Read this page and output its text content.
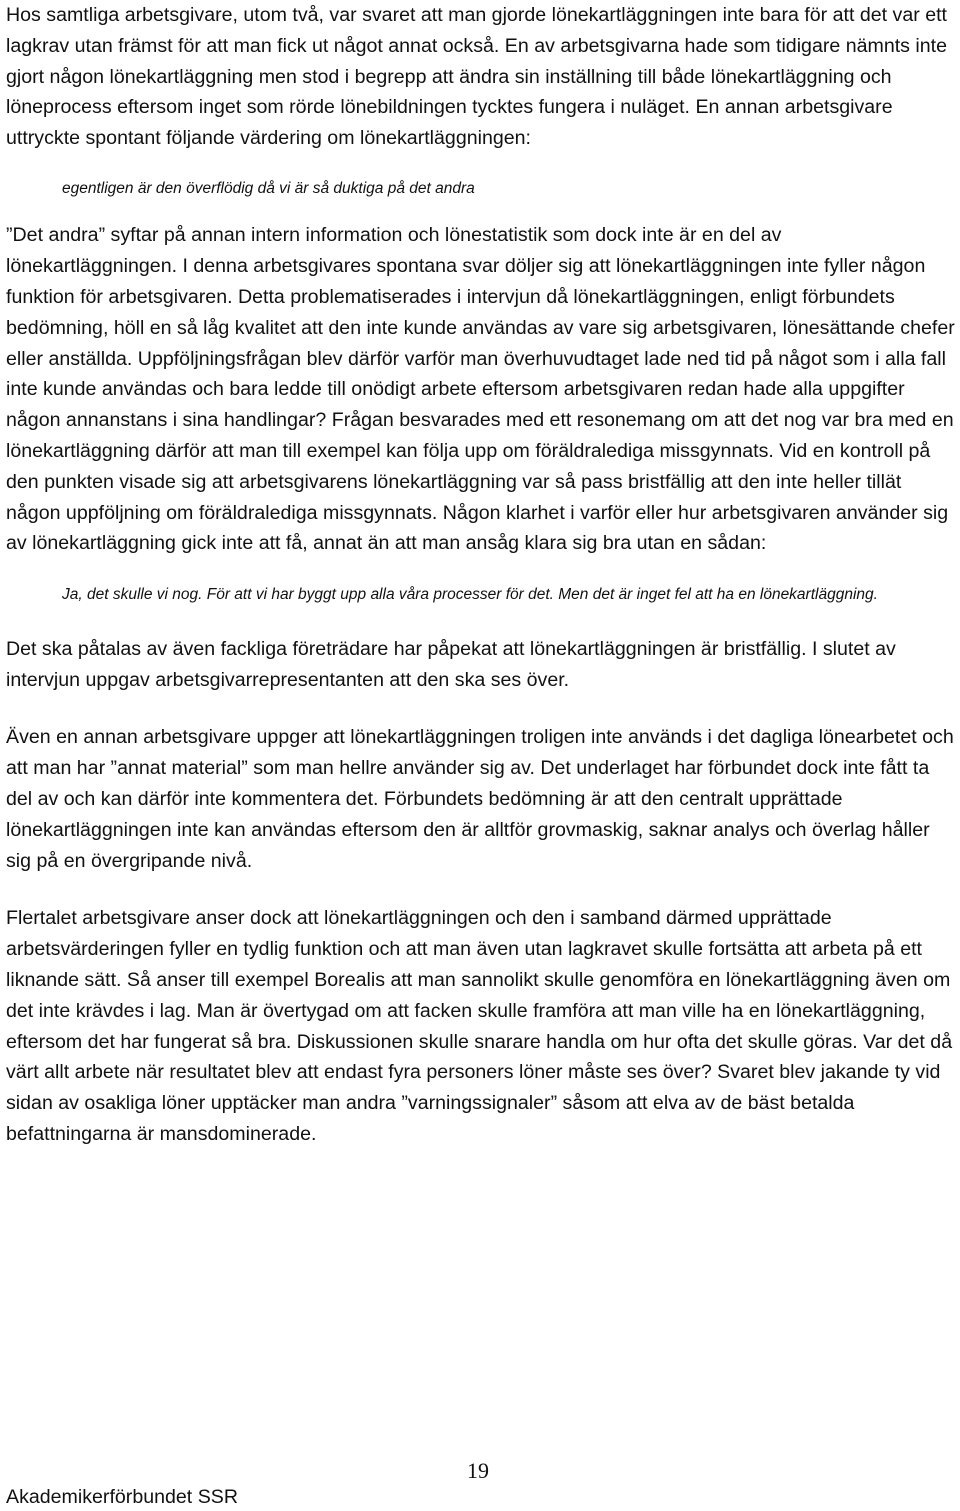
Hos samtliga arbetsgivare, utom två, var svaret att man gjorde lönekartläggningen inte bara för att det var ett lagkrav utan främst för att man fick ut något annat också. En av arbetsgivarna hade som tidigare nämnts inte gjort någon lönekartläggning men stod i begrepp att ändra sin inställning till både lönekartläggning och löneprocess eftersom inget som rörde lönebildningen tycktes fungera i nuläget. En annan arbetsgivare uttryckte spontant följande värdering om lönekartläggningen:

egentligen är den överflödig då vi är så duktiga på det andra

”Det andra” syftar på annan intern information och lönestatistik som dock inte är en del av lönekartläggningen. I denna arbetsgivares spontana svar döljer sig att lönekartläggningen inte fyller någon funktion för arbetsgivaren. Detta problematiserades i intervjun då lönekartläggningen, enligt förbundets bedömning, höll en så låg kvalitet att den inte kunde användas av vare sig arbetsgivaren, lönesättande chefer eller anställda. Uppföljningsfrågan blev därför varför man överhuvudtaget lade ned tid på något som i alla fall inte kunde användas och bara ledde till onödigt arbete eftersom arbetsgivaren redan hade alla uppgifter någon annanstans i sina handlingar? Frågan besvarades med ett resonemang om att det nog var bra med en lönekartläggning därför att man till exempel kan följa upp om föräldralediga missgynnats. Vid en kontroll på den punkten visade sig att arbetsgivarens lönekartläggning var så pass bristfällig att den inte heller tillät någon uppföljning om föräldralediga missgynnats. Någon klarhet i varför eller hur arbetsgivaren använder sig av lönekartläggning gick inte att få, annat än att man ansåg klara sig bra utan en sådan:

Ja, det skulle vi nog. För att vi har byggt upp alla våra processer för det. Men det är inget fel att ha en lönekartläggning.

Det ska påtalas av även fackliga företrädare har påpekat att lönekartläggningen är bristfällig. I slutet av intervjun uppgav arbetsgivarrepresentanten att den ska ses över.

Även en annan arbetsgivare uppger att lönekartläggningen troligen inte används i det dagliga lönearbetet och att man har ”annat material” som man hellre använder sig av. Det underlaget har förbundet dock inte fått ta del av och kan därför inte kommentera det. Förbundets bedömning är att den centralt upprättade lönekartläggningen inte kan användas eftersom den är alltför grovmaskig, saknar analys och överlag håller sig på en övergripande nivå.

Flertalet arbetsgivare anser dock att lönekartläggningen och den i samband därmed upprättade arbetsvärderingen fyller en tydlig funktion och att man även utan lagkravet skulle fortsätta att arbeta på ett liknande sätt. Så anser till exempel Borealis att man sannolikt skulle genomföra en lönekartläggning även om det inte krävdes i lag. Man är övertygad om att facken skulle framföra att man ville ha en lönekartläggning, eftersom det har fungerat så bra. Diskussionen skulle snarare handla om hur ofta det skulle göras. Var det då värt allt arbete när resultatet blev att endast fyra personers löner måste ses över? Svaret blev jakande ty vid sidan av osakliga löner upptäcker man andra ”varningssignaler” såsom att elva av de bäst betalda befattningarna är mansdominerade.

19
Akademikerförbundet SSR
